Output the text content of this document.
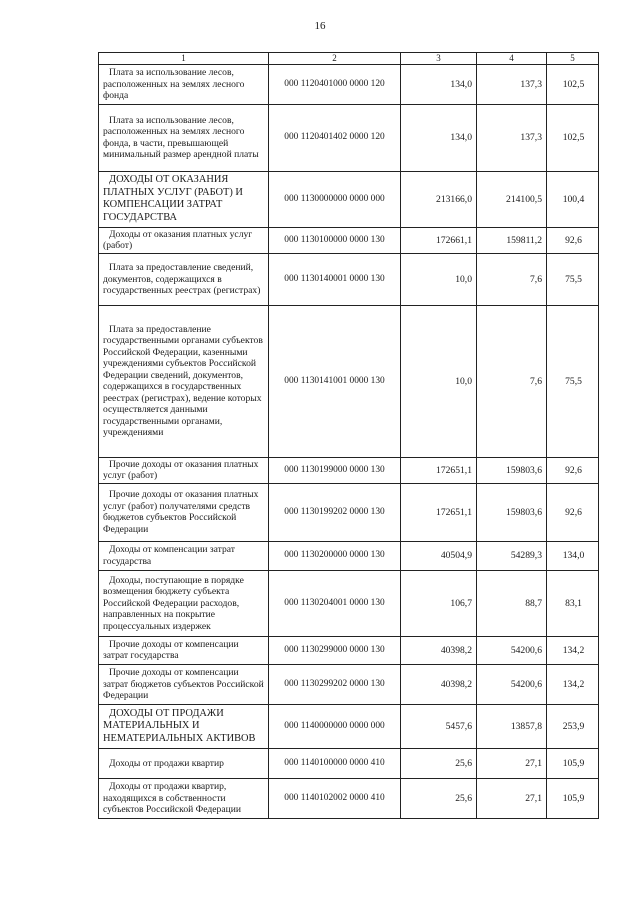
16
1	2	3	4	5
Плата за использование лесов, расположенных на землях лесного фонда	000 1120401000 0000 120	134,0	137,3	102,5
Плата за использование лесов, расположенных на землях лесного фонда, в части, превышающей минимальный размер арендной платы	000 1120401402 0000 120	134,0	137,3	102,5
ДОХОДЫ ОТ ОКАЗАНИЯ ПЛАТНЫХ УСЛУГ (РАБОТ) И КОМПЕНСАЦИИ ЗАТРАТ ГОСУДАРСТВА	000 1130000000 0000 000	213166,0	214100,5	100,4
Доходы от оказания платных услуг (работ)	000 1130100000 0000 130	172661,1	159811,2	92,6
Плата за предоставление сведений, документов, содержащихся в государственных реестрах (регистрах)	000 1130140001 0000 130	10,0	7,6	75,5
Плата за предоставление государственными органами субъектов Российской Федерации, казенными учреждениями субъектов Российской Федерации сведений, документов, содержащихся в государственных реестрах (регистрах), ведение которых осуществляется данными государственными органами, учреждениями	000 1130141001 0000 130	10,0	7,6	75,5
Прочие доходы от оказания платных услуг (работ)	000 1130199000 0000 130	172651,1	159803,6	92,6
Прочие доходы от оказания платных услуг (работ) получателями средств бюджетов субъектов Российской Федерации	000 1130199202 0000 130	172651,1	159803,6	92,6
Доходы от компенсации затрат государства	000 1130200000 0000 130	40504,9	54289,3	134,0
Доходы, поступающие в порядке возмещения бюджету субъекта Российской Федерации расходов, направленных на покрытие процессуальных издержек	000 1130204001 0000 130	106,7	88,7	83,1
Прочие доходы от компенсации затрат государства	000 1130299000 0000 130	40398,2	54200,6	134,2
Прочие доходы от компенсации затрат бюджетов субъектов Российской Федерации	000 1130299202 0000 130	40398,2	54200,6	134,2
ДОХОДЫ ОТ ПРОДАЖИ МАТЕРИАЛЬНЫХ И НЕМАТЕРИАЛЬНЫХ АКТИВОВ	000 1140000000 0000 000	5457,6	13857,8	253,9
Доходы от продажи квартир	000 1140100000 0000 410	25,6	27,1	105,9
Доходы от продажи квартир, находящихся в собственности субъектов Российской Федерации	000 1140102002 0000 410	25,6	27,1	105,9
